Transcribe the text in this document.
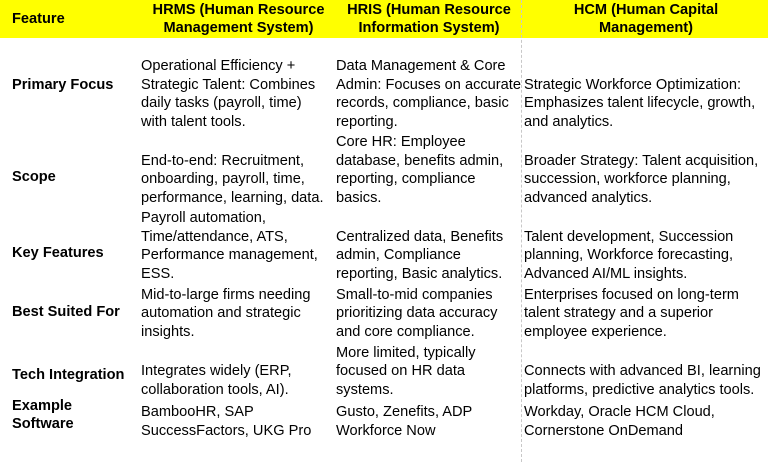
Feature
HRMS (Human Resource
Management System)
HRIS (Human Resource
Information System)
HCM (Human Capital
Management)
Primary Focus
Operational Efficiency +
Strategic Talent: Combines
daily tasks (payroll, time)
with talent tools.
Data Management & Core
Admin: Focuses on accurate
records, compliance, basic
reporting.
Strategic Workforce Optimization:
Emphasizes talent lifecycle, growth,
and analytics.
Scope
End-to-end: Recruitment,
onboarding, payroll, time,
performance, learning, data.
Core HR: Employee
database, benefits admin,
reporting, compliance
basics.
Broader Strategy: Talent acquisition,
succession, workforce planning,
advanced analytics.
Key Features
Payroll automation,
Time/attendance, ATS,
Performance management,
ESS.
Centralized data, Benefits
admin, Compliance
reporting, Basic analytics.
Talent development, Succession
planning, Workforce forecasting,
Advanced AI/ML insights.
Best Suited For
Mid-to-large firms needing
automation and strategic
insights.
Small-to-mid companies
prioritizing data accuracy
and core compliance.
Enterprises focused on long-term
talent strategy and a superior
employee experience.
Tech Integration	Integrates widely (ERP,
collaboration tools, AI).
More limited, typically
focused on HR data
systems.
Connects with advanced BI, learning
platforms, predictive analytics tools.
Example
Software
BambooHR, SAP
SuccessFactors, UKG Pro
Gusto, Zenefits, ADP
Workforce Now
Workday, Oracle HCM Cloud,
Cornerstone OnDemand
